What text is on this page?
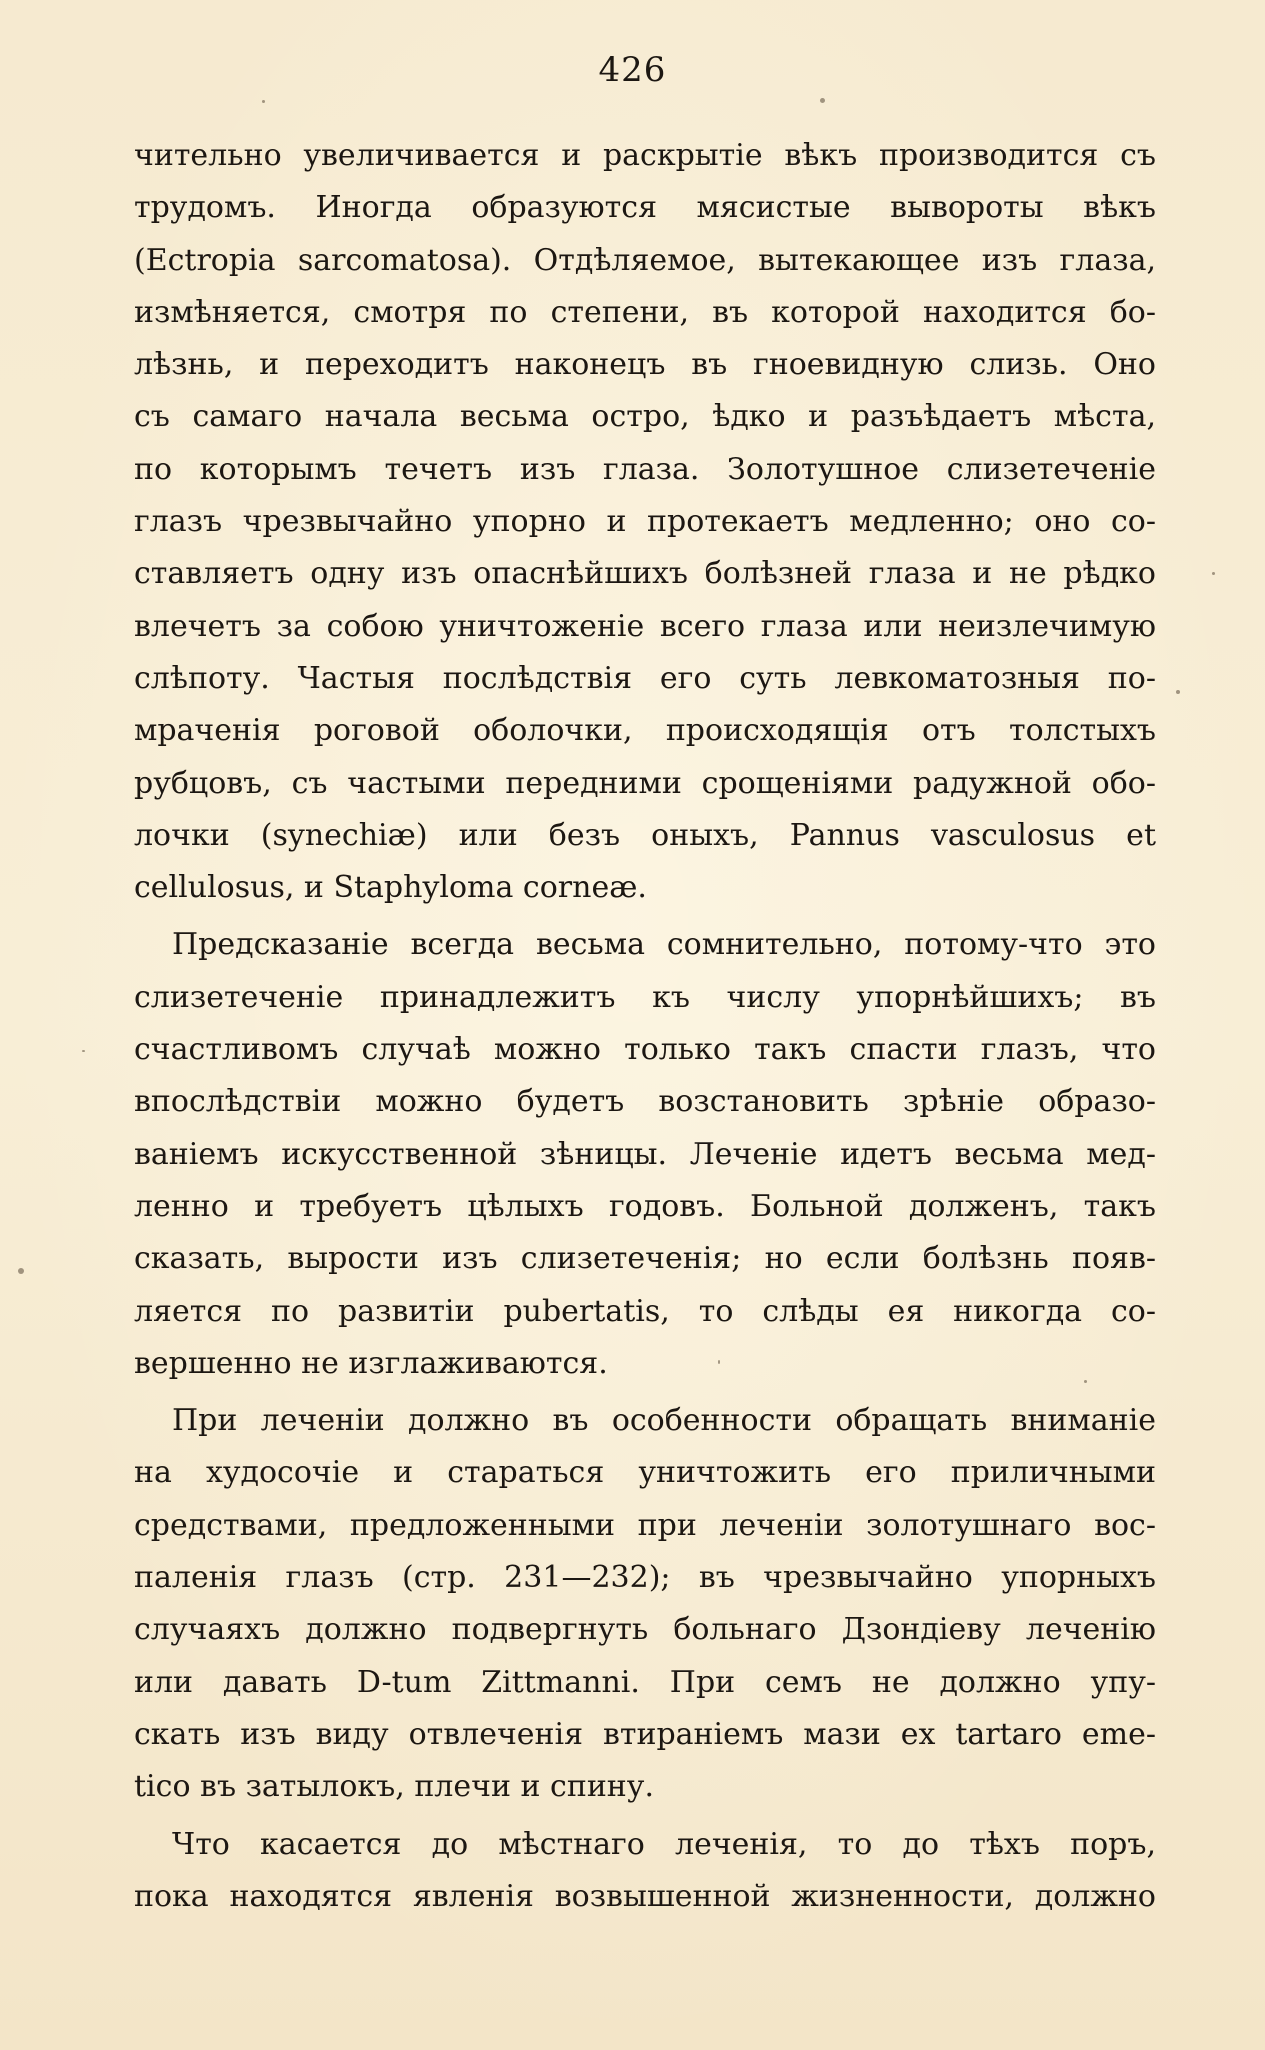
426
чительно увеличивается и раскрытіе вѣкъ производится съ
трудомъ. Иногда образуются мясистые вывороты вѣкъ
(Ectropia sarcomatosa). Отдѣляемое, вытекающее изъ глаза,
измѣняется, смотря по степени, въ которой находится бо-
лѣзнь, и переходитъ наконецъ въ гноевидную слизь. Оно
съ самаго начала весьма остро, ѣдко и разъѣдаетъ мѣста,
по которымъ течетъ изъ глаза. Золотушное слизетеченіе
глазъ чрезвычайно упорно и протекаетъ медленно; оно со-
ставляетъ одну изъ опаснѣйшихъ болѣзней глаза и не рѣдко
влечетъ за собою уничтоженіе всего глаза или неизлечимую
слѣпоту. Частыя послѣдствія его суть левкоматозныя по-
мраченія роговой оболочки, происходящія отъ толстыхъ
рубцовъ, съ частыми передними срощеніями радужной обо-
лочки (synechiæ) или безъ оныхъ, Pannus vasculosus et
cellulosus, и Staphyloma corneæ.
Предсказаніе всегда весьма сомнительно, потому-что это
слизетеченіе принадлежитъ къ числу упорнѣйшихъ; въ
счастливомъ случаѣ можно только такъ спасти глазъ, что
впослѣдствіи можно будетъ возстановить зрѣніе образо-
ваніемъ искусственной зѣницы. Леченіе идетъ весьма мед-
ленно и требуетъ цѣлыхъ годовъ. Больной долженъ, такъ
сказать, вырости изъ слизетеченія; но если болѣзнь появ-
ляется по развитіи pubertatis, то слѣды ея никогда со-
вершенно не изглаживаются.
При леченіи должно въ особенности обращать вниманіе
на худосочіе и стараться уничтожить его приличными
средствами, предложенными при леченіи золотушнаго вос-
паленія глазъ (стр. 231—232); въ чрезвычайно упорныхъ
случаяхъ должно подвергнуть больнаго Дзондіеву леченію
или давать D-tum Zittmanni. При семъ не должно упу-
скать изъ виду отвлеченія втираніемъ мази ex tartaro eme-
tico въ затылокъ, плечи и спину.
Что касается до мѣстнаго леченія, то до тѣхъ поръ,
пока находятся явленія возвышенной жизненности, должно
